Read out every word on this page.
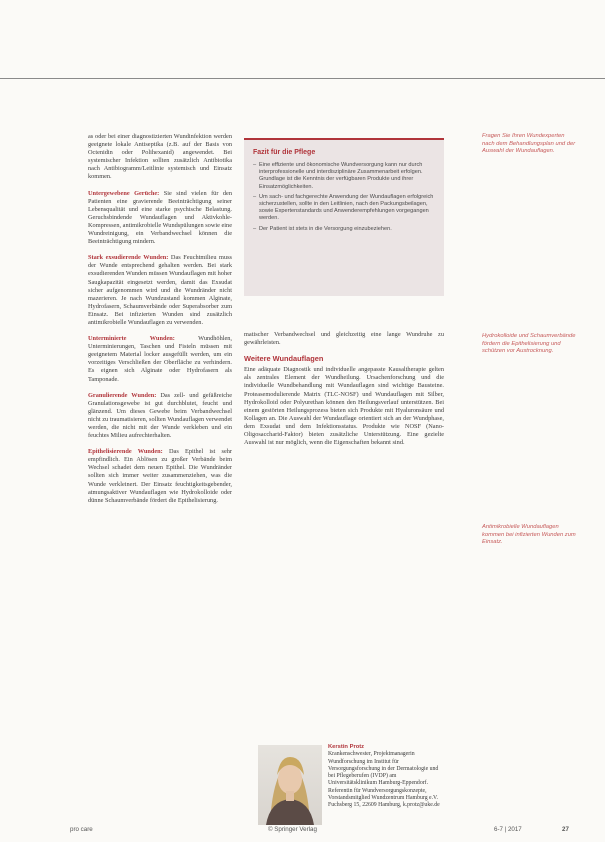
as oder bei einer diagnostizierten Wundinfektion werden geeignete lokale Antiseptika (z.B. auf der Basis von Octenidin oder Polihexanid) angewendet. Bei systemischer Infektion sollten zusätzlich Antibiotika nach Antibiogramm/Leitlinie systemisch und Einsatz kommen.

Untergewebene Gerüche: Sie sind vielen für den Patienten eine gravierende Beeinträchtigung seiner Lebensqualität und eine starke psychische Belastung. Geruchsbindende Wundauflagen und Aktivkohle-Kompressen, antimikrobielle Wundspülungen sowie eine Wundreinigung, ein Verbandwechsel können die Beeinträchtigung mindern.

Stark exsudierende Wunden: Das Feuchtmilieu muss der Wunde entsprechend gehalten werden. Bei stark exsudierenden Wunden müssen Wundauflagen mit hoher Saugkapazität eingesetzt werden, damit das Exsudat sicher aufgenommen wird und die Wundränder nicht mazerieren. Je nach Wundzustand kommen Alginate, Hydrofasern, Schaumverbände oder Superabsorber zum Einsatz. Bei infizierten Wunden sind zusätzlich antimikrobielle Wundauflagen zu verwenden.

Unterminierte Wunden:	Wundhöhlen, Unterminierungen, Taschen und Fisteln müssen mit geeignetem Material locker ausgefüllt werden, um ein vorzeitiges Verschließen der Oberfläche zu verhindern. Es eignen sich Alginate oder Hydrofasern als Tamponade.

Granulierende Wunden: Das zell- und gefäßreiche Granulationsgewebe ist gut durchblutet, feucht und glänzend. Um dieses Gewebe beim Verbandwechsel nicht zu traumatisieren, sollten Wundauflagen verwendet werden, die nicht mit der Wunde verkleben und ein feuchtes Milieu aufrechterhalten.

Epithelisierende Wunden: Das Epithel ist sehr empfindlich. Ein Ablösen zu großer Verbände beim Wechsel schadet dem neuen Epithel. Die Wundränder sollten sich immer weiter zusammenziehen, was die Wunde verkleinert. Der Einsatz feuchtigkeitsgebender, atmungsaktiver Wundauflagen wie Hydrokolloide oder dünne Schaumverbände fördert die Epithelisierung.

Fazit für die Pflege
– Eine effiziente und ökonomische Wundversorgung kann nur durch interprofessionelle und interdisziplinäre Zusammenarbeit erfolgen. Grundlage ist die Kenntnis der verfügbaren Produkte und ihrer Einsatzmöglichkeiten.
– Um sach- und fachgerechte Anwendung der Wundauflagen erfolgreich sicherzustellen, sollte in den Leitlinien, nach den Packungsbeilagen, sowie Expertenstandards und Anwenderempfehlungen vorgegangen werden.
– Der Patient ist stets in die Versorgung einzubeziehen.

matischer Verbandwechsel und gleichzeitig eine lange Wundruhe zu gewährleisten.

Weitere Wundauflagen

Eine adäquate Diagnostik und individuelle angepasste Kausaltherapie gelten als zentrales Element der Wundheilung. Ursachenforschung und die individuelle Wundbehandlung mit Wundauflagen sind wichtige Bausteine. Proteasemodulierende Matrix (TLC-NOSF) und Wundauflagen mit Silber, Hydrokolloid oder Polyurethan können den Heilungsverlauf unterstützen. Bei einem gestörten Heilungsprozess bieten sich Produkte mit Hyaluronsäure und Kollagen an. Die Auswahl der Wundauflage orientiert sich an der Wundphase, dem Exsudat und dem Infektionsstatus. Produkte wie NOSF (Nano-Oligosaccharid-Faktor) bieten zusätzliche Unterstützung. Eine gezielte Auswahl ist nur möglich, wenn die Eigenschaften bekannt sind.

Fragen Sie Ihren Wundexperten nach dem Behandlungsplan und der Auswahl der Wundauflagen.
Hydrokolloide und Schaumverbände fördern die Epithelisierung und schützen vor Austrocknung.
Antimikrobielle Wundauflagen kommen bei infizierten Wunden zum Einsatz.
Kerstin Protz
Krankenschwester, Projektmanagerin Wundforschung im Institut für Versorgungsforschung in der Dermatologie und bei Pflegeberufen (IVDP) am Universitätsklinikum Hamburg-Eppendorf. Referentin für Wundversorgungskonzepte, Vorstandsmitglied Wundzentrum Hamburg e.V. Fuchsberg 15, 22609 Hamburg, k.protz@uke.de
pro care	© Springer Verlag	6-7 | 2017	27
